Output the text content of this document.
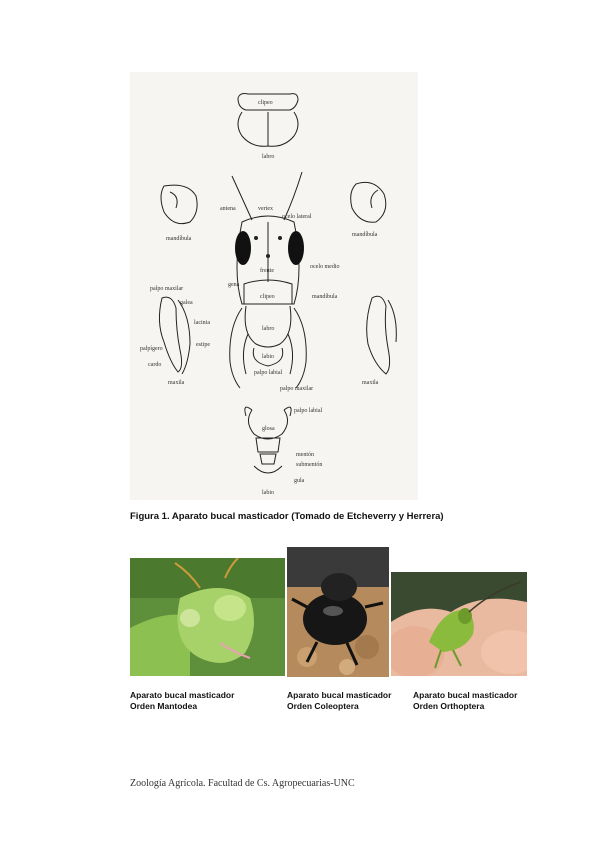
clipeo
labro
mandíbula
mandíbula
antena	vertex
ocelo lateral
frente
ocelo medio
gena
clipeo	mandíbula
palpo maxilar
galea
lacinia
palpígero
estipe
cardo
maxila
labro
labio
palpo labial
palpo maxilar
maxila
palpo labial
glosa
mentón
submentón
gula
labio
Figura 1. Aparato bucal masticador (Tomado de Etcheverry y Herrera)
Aparato bucal masticador
Orden Mantodea
Aparato bucal masticador
Orden Coleoptera
Aparato bucal masticador
Orden Orthoptera
Zoología Agrícola. Facultad de Cs. Agropecuarias-UNC
